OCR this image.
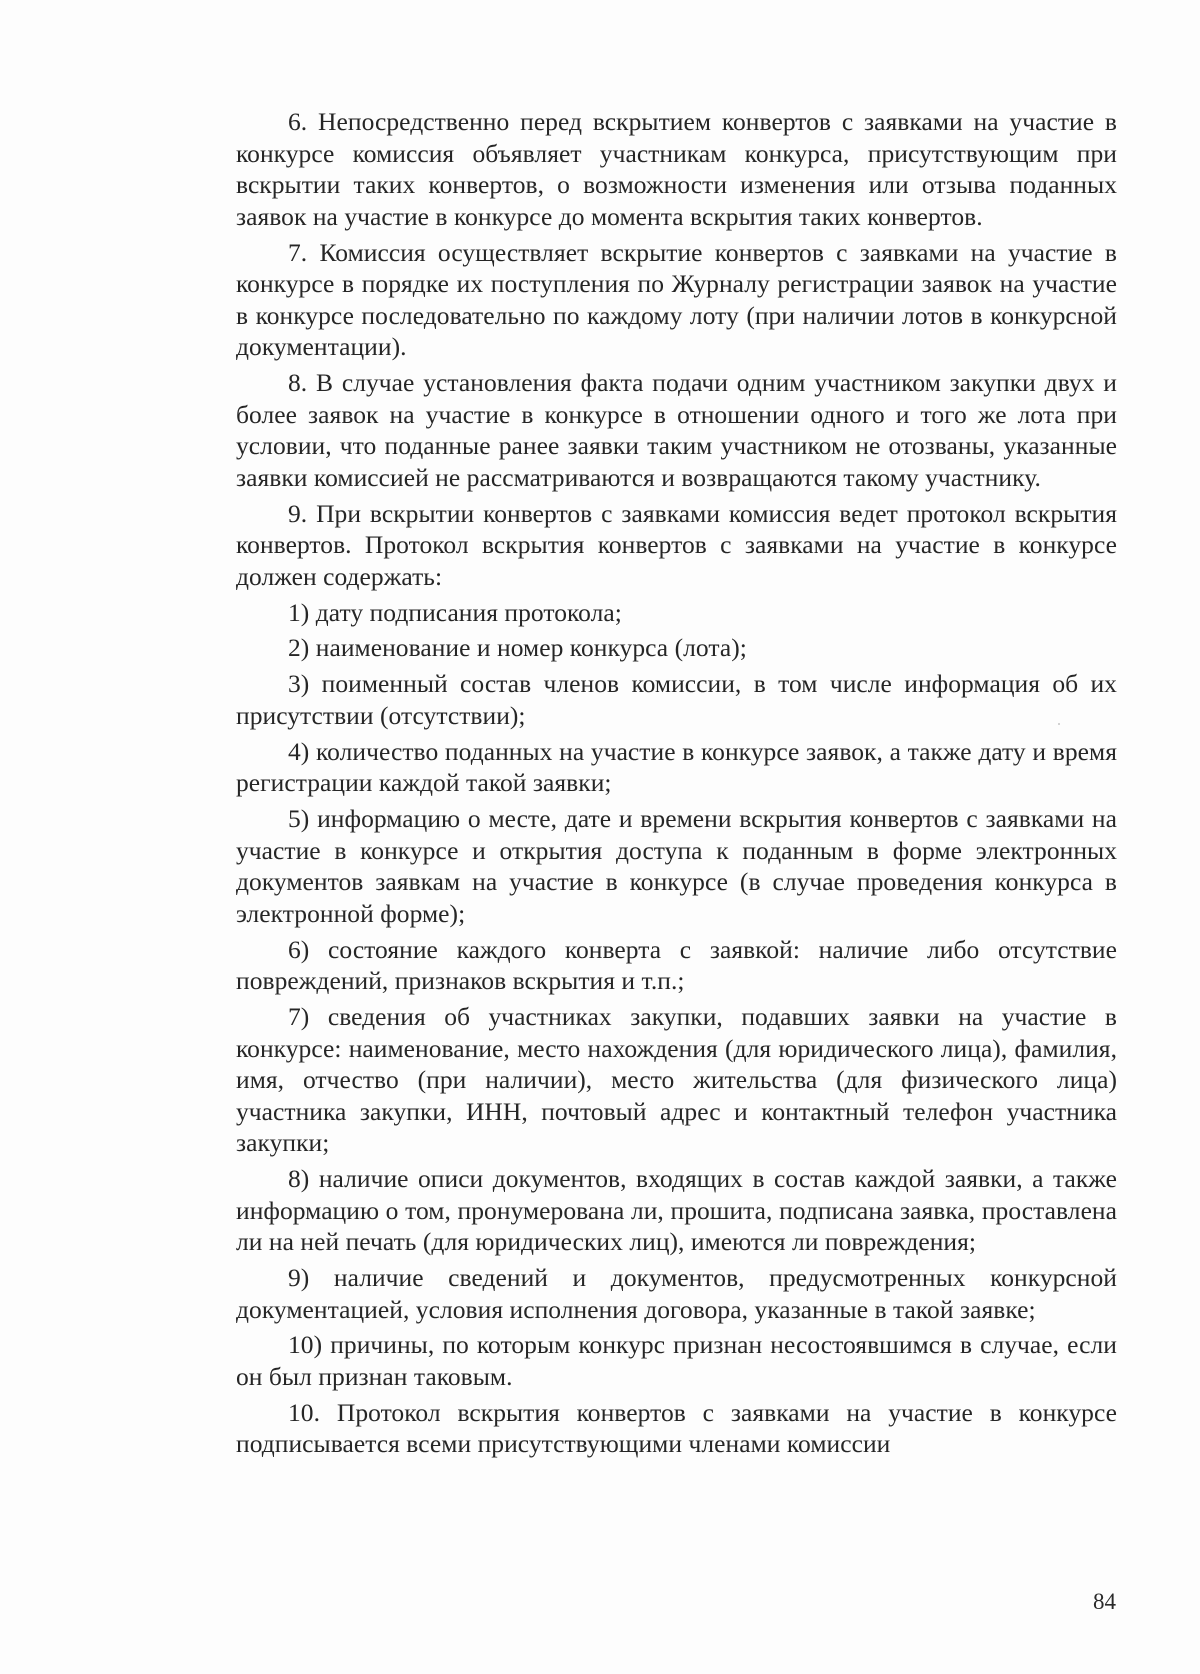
6. Непосредственно перед вскрытием конвертов с заявками на участие в конкурсе комиссия объявляет участникам конкурса, присутствующим при вскрытии таких конвертов, о возможности изменения или отзыва поданных заявок на участие в конкурсе до момента вскрытия таких конвертов.

7. Комиссия осуществляет вскрытие конвертов с заявками на участие в конкурсе в порядке их поступления по Журналу регистрации заявок на участие в конкурсе последовательно по каждому лоту (при наличии лотов в конкурсной документации).

8. В случае установления факта подачи одним участником закупки двух и более заявок на участие в конкурсе в отношении одного и того же лота при условии, что поданные ранее заявки таким участником не отозваны, указанные заявки комиссией не рассматриваются и возвращаются такому участнику.

9. При вскрытии конвертов с заявками комиссия ведет протокол вскрытия конвертов. Протокол вскрытия конвертов с заявками на участие в конкурсе должен содержать:

1) дату подписания протокола;

2) наименование и номер конкурса (лота);

3) поименный состав членов комиссии, в том числе информация об их присутствии (отсутствии);

4) количество поданных на участие в конкурсе заявок, а также дату и время регистрации каждой такой заявки;

5) информацию о месте, дате и времени вскрытия конвертов с заявками на участие в конкурсе и открытия доступа к поданным в форме электронных документов заявкам на участие в конкурсе (в случае проведения конкурса в электронной форме);

6) состояние каждого конверта с заявкой: наличие либо отсутствие повреждений, признаков вскрытия и т.п.;

7) сведения об участниках закупки, подавших заявки на участие в конкурсе: наименование, место нахождения (для юридического лица), фамилия, имя, отчество (при наличии), место жительства (для физического лица) участника закупки, ИНН, почтовый адрес и контактный телефон участника закупки;

8) наличие описи документов, входящих в состав каждой заявки, а также информацию о том, пронумерована ли, прошита, подписана заявка, проставлена ли на ней печать (для юридических лиц), имеются ли повреждения;

9) наличие сведений и документов, предусмотренных конкурсной документацией, условия исполнения договора, указанные в такой заявке;

10) причины, по которым конкурс признан несостоявшимся в случае, если он был признан таковым.

10. Протокол вскрытия конвертов с заявками на участие в конкурсе подписывается всеми присутствующими членами комиссии

84
